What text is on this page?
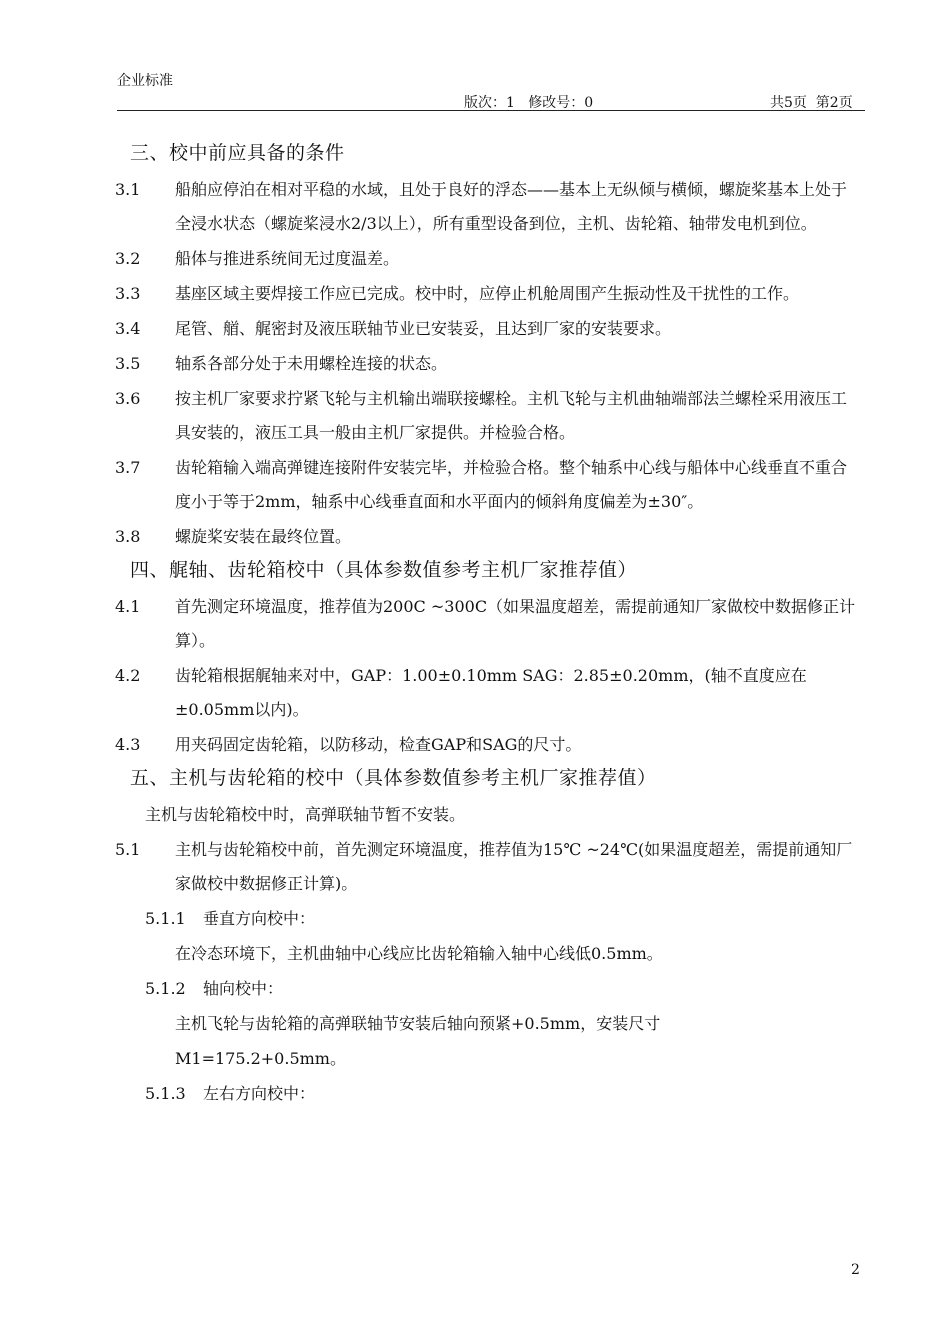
企业标准
版次：1   修改号：0	共5页  第2页
三、校中前应具备的条件
3.1 船舶应停泊在相对平稳的水域，且处于良好的浮态——基本上无纵倾与横倾，螺旋桨基本上处于全浸水状态（螺旋桨浸水2/3以上），所有重型设备到位，主机、齿轮箱、轴带发电机到位。
3.2 船体与推进系统间无过度温差。
3.3 基座区域主要焊接工作应已完成。校中时，应停止机舱周围产生振动性及干扰性的工作。
3.4 尾管、艏、艉密封及液压联轴节业已安装妥，且达到厂家的安装要求。
3.5 轴系各部分处于未用螺栓连接的状态。
3.6 按主机厂家要求拧紧飞轮与主机输出端联接螺栓。主机飞轮与主机曲轴端部法兰螺栓采用液压工具安装的，液压工具一般由主机厂家提供。并检验合格。
3.7 齿轮箱输入端高弹键连接附件安装完毕，并检验合格。整个轴系中心线与船体中心线垂直不重合度小于等于2mm，轴系中心线垂直面和水平面内的倾斜角度偏差为±30″。
3.8 螺旋桨安装在最终位置。
四、艉轴、齿轮箱校中（具体参数值参考主机厂家推荐值）
4.1 首先测定环境温度，推荐值为200C ~300C（如果温度超差，需提前通知厂家做校中数据修正计算）。
4.2 齿轮箱根据艉轴来对中，GAP：1.00±0.10mm SAG：2.85±0.20mm，(轴不直度应在±0.05mm以内)。
4.3 用夹码固定齿轮箱，以防移动，检查GAP和SAG的尺寸。
五、主机与齿轮箱的校中（具体参数值参考主机厂家推荐值）
主机与齿轮箱校中时，高弹联轴节暂不安装。
5.1 主机与齿轮箱校中前，首先测定环境温度，推荐值为15℃ ~24℃(如果温度超差，需提前通知厂家做校中数据修正计算)。
5.1.1 垂直方向校中：
在冷态环境下，主机曲轴中心线应比齿轮箱输入轴中心线低0.5mm。
5.1.2 轴向校中：
主机飞轮与齿轮箱的高弹联轴节安装后轴向预紧+0.5mm，安装尺寸
M1=175.2+0.5mm。
5.1.3 左右方向校中：
2
